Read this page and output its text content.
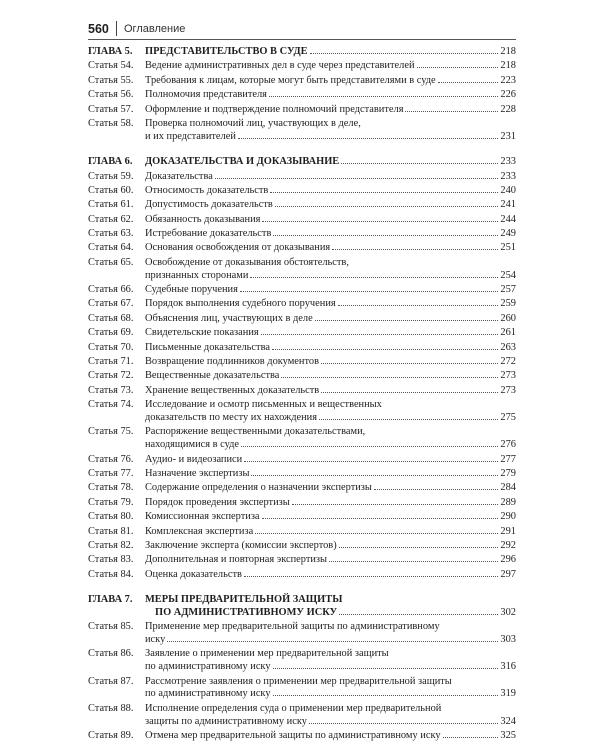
560 Оглавление
ГЛАВА 5.	ПРЕДСТАВИТЕЛЬСТВО В СУДЕ	218
Статья 54.	Ведение административных дел в суде через представителей	218
Статья 55.	Требования к лицам, которые могут быть представителями в суде	223
Статья 56.	Полномочия представителя	226
Статья 57.	Оформление и подтверждение полномочий представителя	228
Статья 58.	Проверка полномочий лиц, участвующих в деле,
и их представителей	231
ГЛАВА 6.	ДОКАЗАТЕЛЬСТВА И ДОКАЗЫВАНИЕ	233
Статья 59.	Доказательства	233
Статья 60.	Относимость доказательств	240
Статья 61.	Допустимость доказательств	241
Статья 62.	Обязанность доказывания	244
Статья 63.	Истребование доказательств	249
Статья 64.	Основания освобождения от доказывания	251
Статья 65.	Освобождение от доказывания обстоятельств,
признанных сторонами	254
Статья 66.	Судебные поручения	257
Статья 67.	Порядок выполнения судебного поручения	259
Статья 68.	Объяснения лиц, участвующих в деле	260
Статья 69.	Свидетельские показания	261
Статья 70.	Письменные доказательства	263
Статья 71.	Возвращение подлинников документов	272
Статья 72.	Вещественные доказательства	273
Статья 73.	Хранение вещественных доказательств	273
Статья 74.	Исследование и осмотр письменных и вещественных
доказательств по месту их нахождения	275
Статья 75.	Распоряжение вещественными доказательствами,
находящимися в суде	276
Статья 76.	Аудио- и видеозаписи	277
Статья 77.	Назначение экспертизы	279
Статья 78.	Содержание определения о назначении экспертизы	284
Статья 79.	Порядок проведения экспертизы	289
Статья 80.	Комиссионная экспертиза	290
Статья 81.	Комплексная экспертиза	291
Статья 82.	Заключение эксперта (комиссии экспертов)	292
Статья 83.	Дополнительная и повторная экспертизы	296
Статья 84.	Оценка доказательств	297
ГЛАВА 7.	МЕРЫ ПРЕДВАРИТЕЛЬНОЙ ЗАЩИТЫ
ПО АДМИНИСТРАТИВНОМУ ИСКУ	302
Статья 85.	Применение мер предварительной защиты по административному
иску	303
Статья 86.	Заявление о применении мер предварительной защиты
по административному иску	316
Статья 87.	Рассмотрение заявления о применении мер предварительной защиты
по административному иску	319
Статья 88.	Исполнение определения суда о применении мер предварительной
защиты по административному иску	324
Статья 89.	Отмена мер предварительной защиты по административному иску	325
